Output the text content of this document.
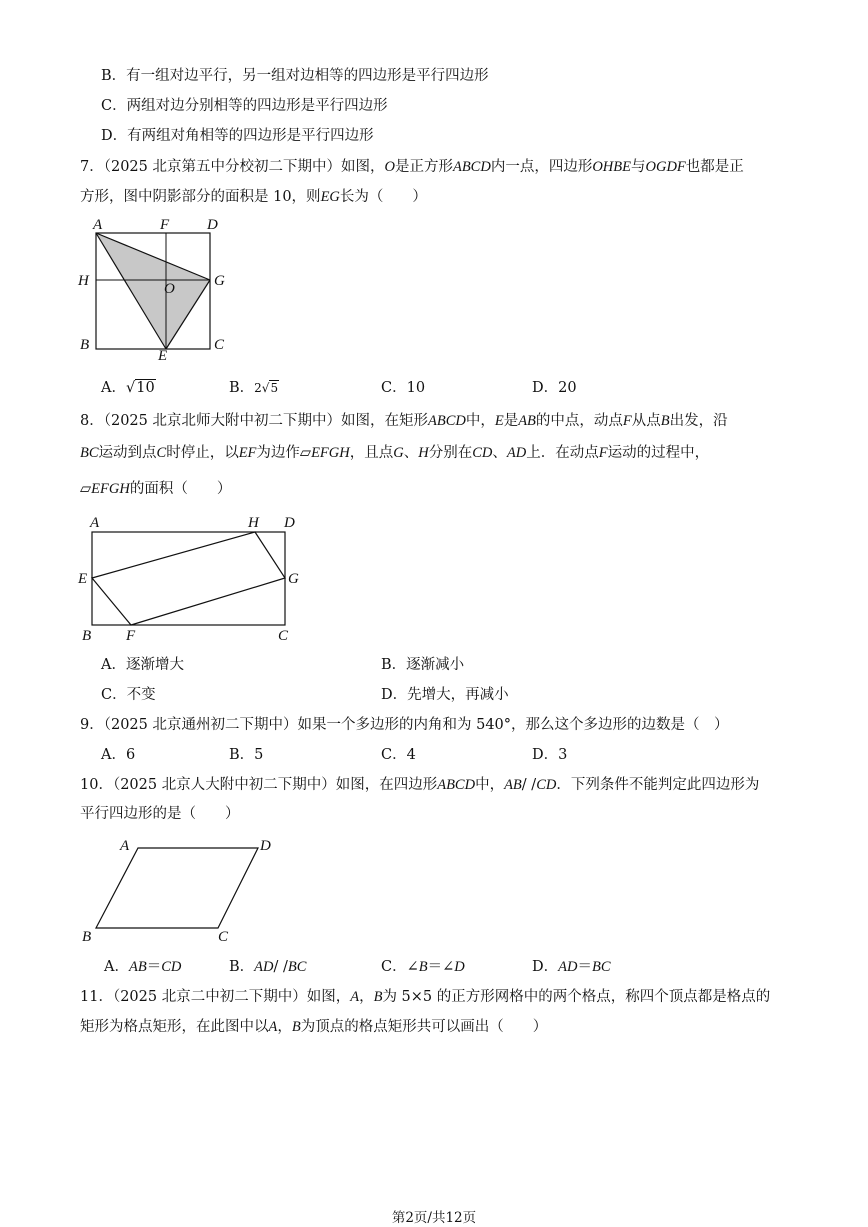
B．有一组对边平行，另一组对边相等的四边形是平行四边形
C．两组对边分别相等的四边形是平行四边形
D．有两组对角相等的四边形是平行四边形
7．（2025 北京第五中分校初二下期中）如图，O是正方形ABCD内一点，四边形OHBE与OGDF也都是正
方形，图中阴影部分的面积是 10，则EG长为（　　）
A	F	D
H	O	G
B
E
C
A．√10	B．2√5	C．10	D．20
8．（2025 北京北师大附中初二下期中）如图，在矩形ABCD中，E是AB的中点，动点F从点B出发，沿
BC运动到点C时停止，以EF为边作▱EFGH，且点G、H分别在CD、AD上．在动点F运动的过程中，
▱EFGH的面积（　　）
A	H D
E	G
B F	C
A．逐渐增大	B．逐渐减小
C．不变	D．先增大，再减小
9．（2025 北京通州初二下期中）如果一个多边形的内角和为 540°，那么这个多边形的边数是（　）
A．6	B．5	C．4	D．3
10．（2025 北京人大附中初二下期中）如图，在四边形ABCD中，AB/ /CD．下列条件不能判定此四边形为
平行四边形的是（　　）
A	D
B	C
A．AB＝CD	B．AD/ /BC	C．∠B＝∠D	D．AD＝BC
11．（2025 北京二中初二下期中）如图，A，B为 5×5 的正方形网格中的两个格点，称四个顶点都是格点的
矩形为格点矩形，在此图中以A，B为顶点的格点矩形共可以画出（　　）
第2页/共12页
